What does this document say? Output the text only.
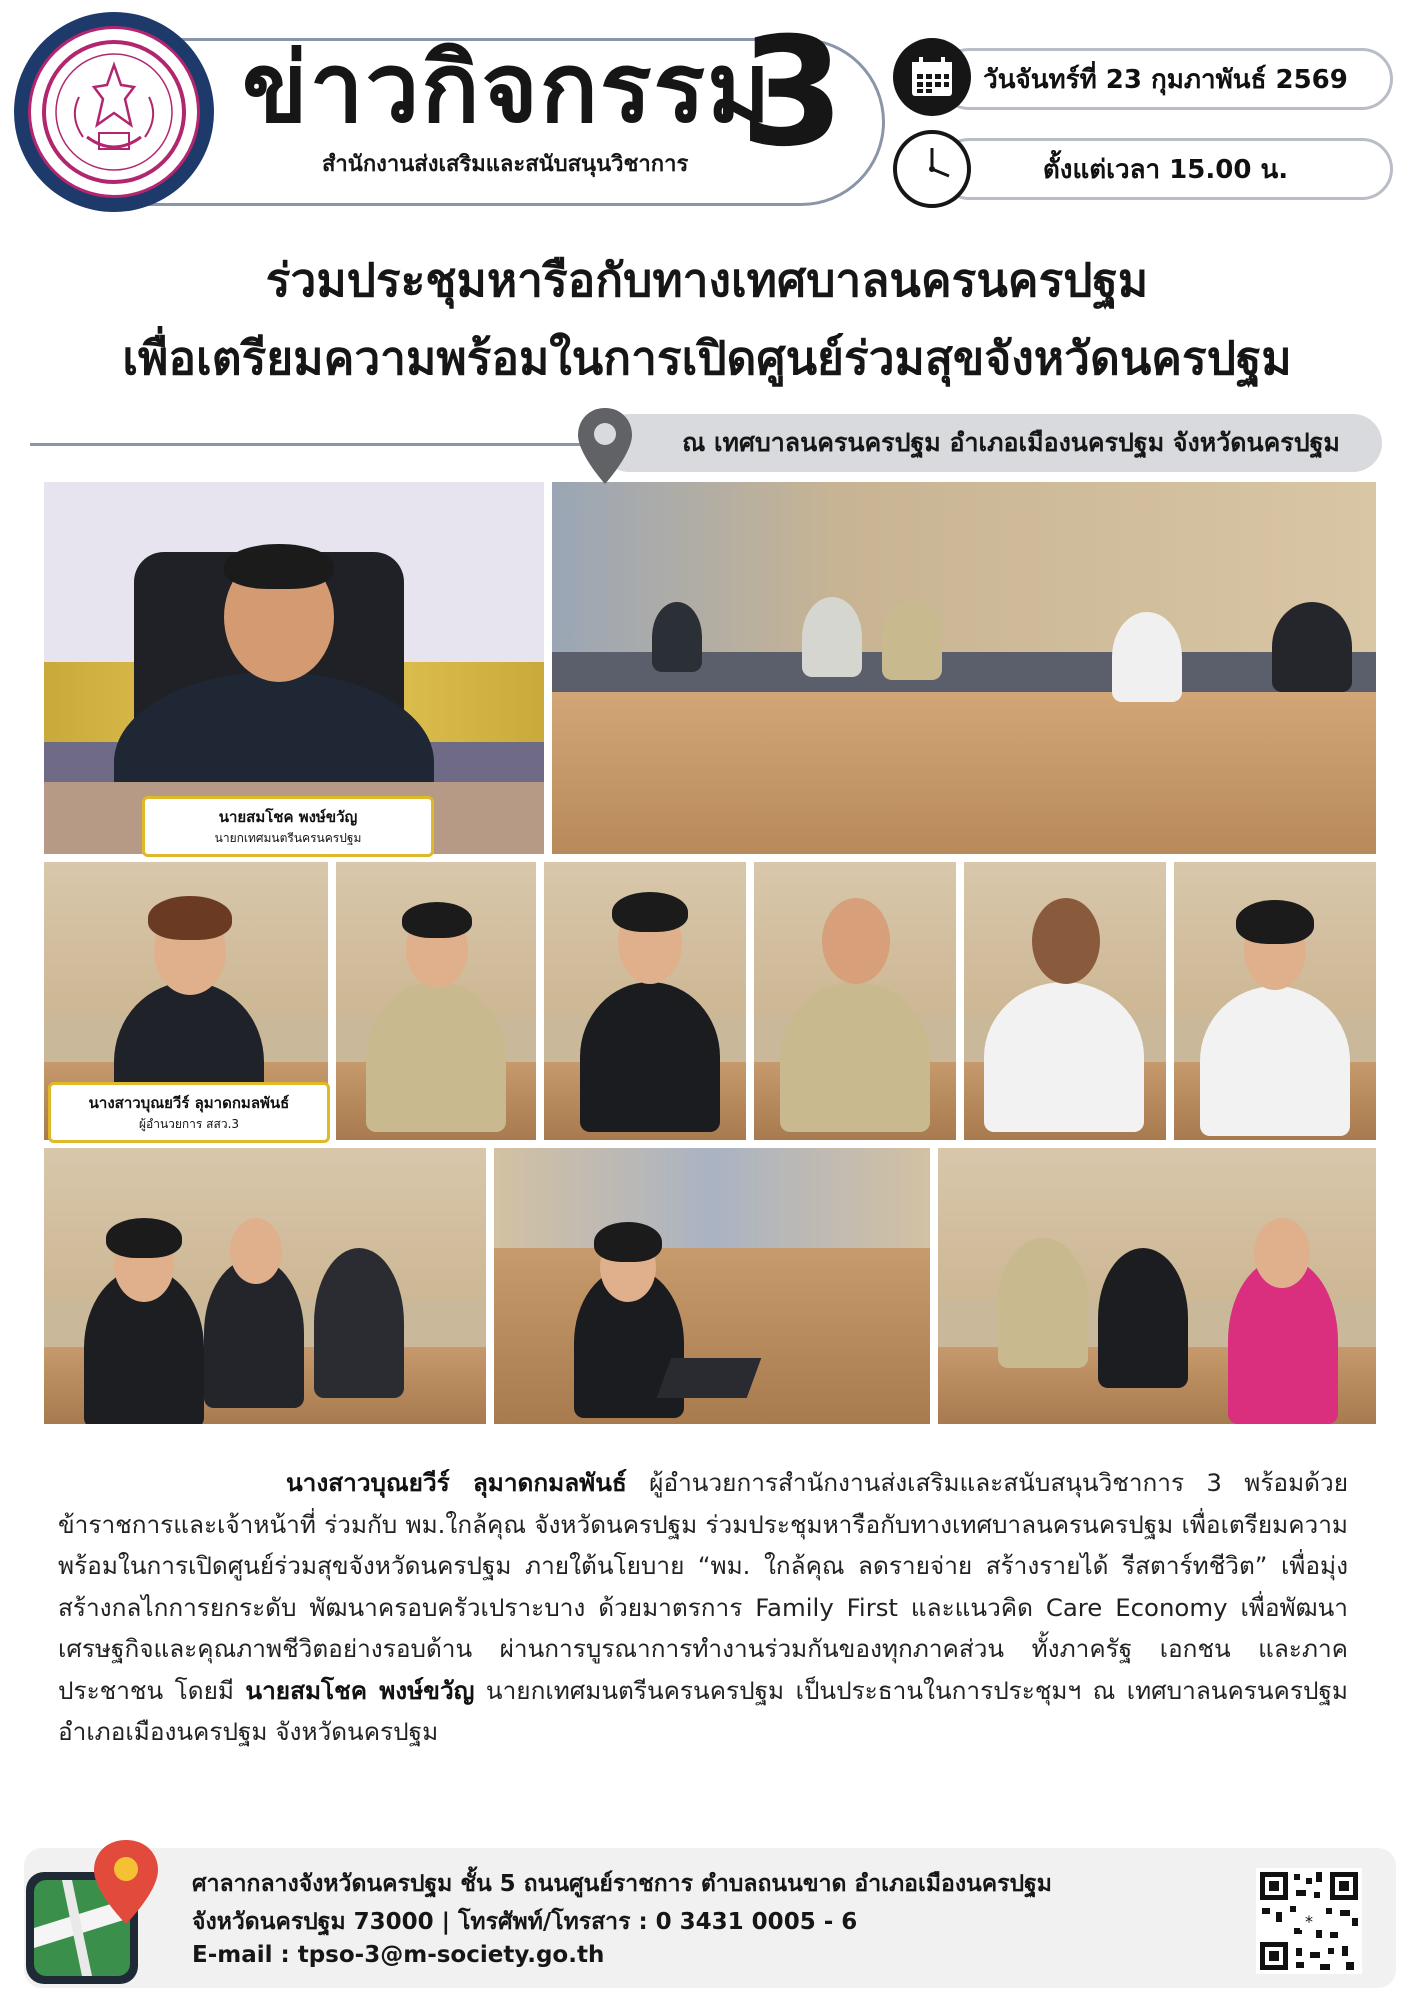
ข่าวกิจกรรม
3
สำนักงานส่งเสริมและสนับสนุนวิชาการ
วันจันทร์ที่ 23 กุมภาพันธ์ 2569
ตั้งแต่เวลา 15.00 น.
ร่วมประชุมหารือกับทางเทศบาลนครนครปฐม
เพื่อเตรียมความพร้อมในการเปิดศูนย์ร่วมสุขจังหวัดนครปฐม
ณ เทศบาลนครนครปฐม อำเภอเมืองนครปฐม จังหวัดนครปฐม
นายสมโชค พงษ์ขวัญ
นายกเทศมนตรีนครนครปฐม
นางสาวบุณยวีร์ ลุมาดกมลพันธ์
ผู้อำนวยการ สสว.3
นางสาวบุณยวีร์ ลุมาดกมลพันธ์ ผู้อำนวยการสำนักงานส่งเสริมและสนับสนุนวิชาการ 3 พร้อมด้วยข้าราชการและเจ้าหน้าที่ ร่วมกับ พม.ใกล้คุณ จังหวัดนครปฐม ร่วมประชุมหารือกับทางเทศบาลนครนครปฐม เพื่อเตรียมความพร้อมในการเปิดศูนย์ร่วมสุขจังหวัดนครปฐม ภายใต้นโยบาย “พม. ใกล้คุณ ลดรายจ่าย สร้างรายได้ รีสตาร์ทชีวิต” เพื่อมุ่งสร้างกลไกการยกระดับ พัฒนาครอบครัวเปราะบาง ด้วยมาตรการ Family First และแนวคิด Care Economy เพื่อพัฒนาเศรษฐกิจและคุณภาพชีวิตอย่างรอบด้าน ผ่านการบูรณาการทำงานร่วมกันของทุกภาคส่วน ทั้งภาครัฐ เอกชน และภาคประชาชน โดยมี นายสมโชค พงษ์ขวัญ นายกเทศมนตรีนครนครปฐม เป็นประธานในการประชุมฯ ณ เทศบาลนครนครปฐม อำเภอเมืองนครปฐม จังหวัดนครปฐม
ศาลากลางจังหวัดนครปฐม ชั้น 5 ถนนศูนย์ราชการ ตำบลถนนขาด อำเภอเมืองนครปฐม
จังหวัดนครปฐม 73000 | โทรศัพท์/โทรสาร : 0 3431 0005 - 6
E-mail : tpso-3@m-society.go.th
*
